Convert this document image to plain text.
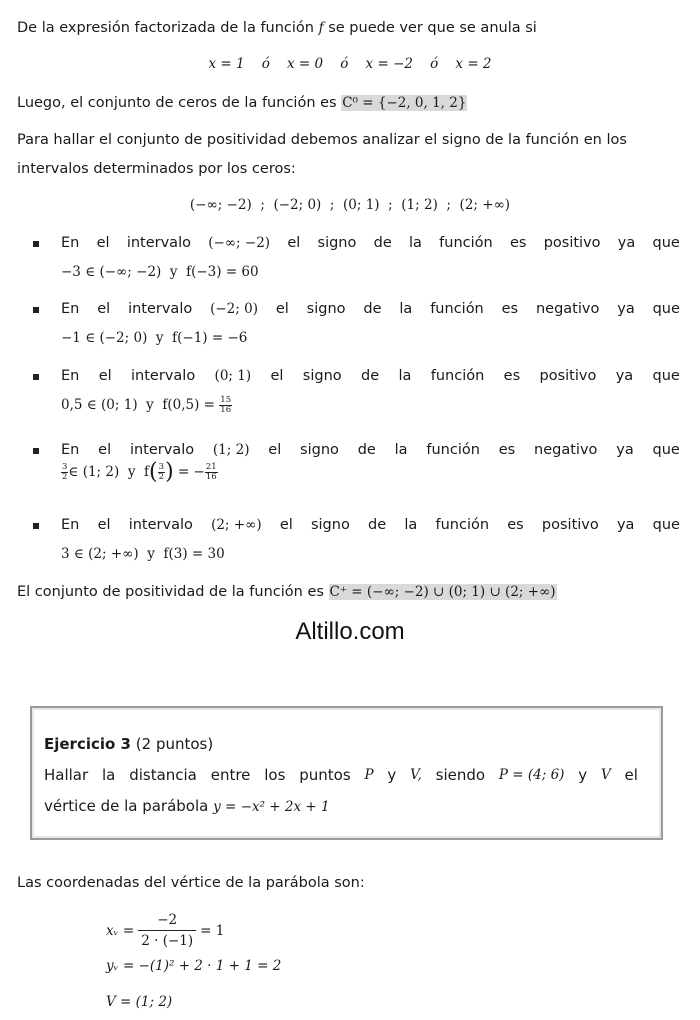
De la expresión factorizada de la función f se puede ver que se anula si
x = 1    ó    x = 0    ó    x = −2    ó    x = 2
Luego, el conjunto de ceros de la función es C⁰ = {−2, 0, 1, 2}
Para hallar el conjunto de positividad debemos analizar el signo de la función en los intervalos determinados por los ceros:
(−∞; −2)  ;  (−2; 0)  ;  (0; 1)  ;  (1; 2)  ;  (2; +∞)
En el intervalo (−∞; −2) el signo de la función es positivo ya que
−3 ∈ (−∞; −2)  y  f(−3) = 60
En el intervalo (−2; 0) el signo de la función es negativo ya que
−1 ∈ (−2; 0)  y  f(−1) = −6
En el intervalo (0; 1) el signo de la función es positivo ya que
0,5 ∈ (0; 1)  y  $f(0,5) = \frac{15}{16}$
En el intervalo (1; 2) el signo de la función es negativo ya que
$\frac{3}{2}$ ∈ (1; 2)  y  $f( \frac{3}{2}$ ) = − $\frac{21}{16}$
En el intervalo (2; +∞) el signo de la función es positivo ya que
3 ∈ (2; +∞)  y  f(3) = 30
El conjunto de positividad de la función es C⁺ = (−∞; −2) ∪ (0; 1) ∪ (2; +∞)
Altillo.com
Ejercicio 3 (2 puntos)
Hallar la distancia entre los puntos P y V, siendo P = (4; 6) y V el
vértice de la parábola y = −x² + 2x + 1
Las coordenadas del vértice de la parábola son:
xᵥ = $\frac{-2}{2 \cdot (-1)} = 1$
yᵥ = −(1)² + 2 · 1 + 1 = 2
V = (1; 2)
